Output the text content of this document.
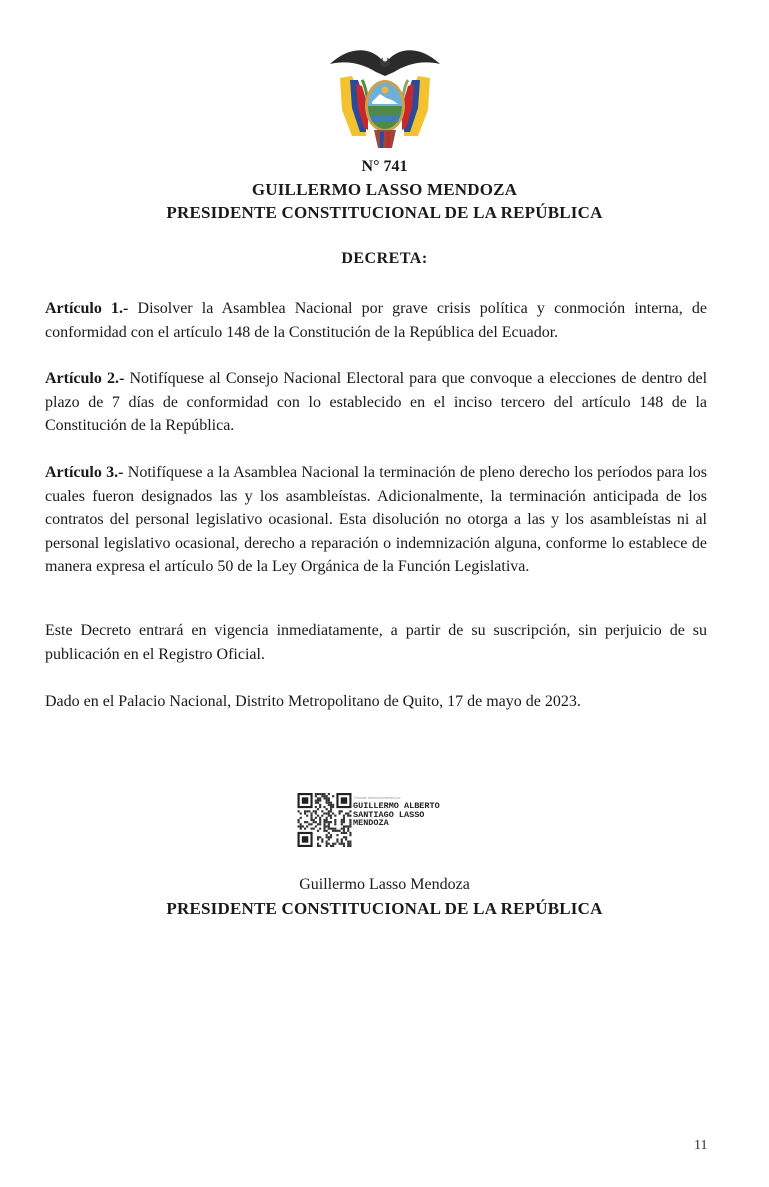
N° 741
GUILLERMO LASSO MENDOZA
PRESIDENTE CONSTITUCIONAL DE LA REPÚBLICA
DECRETA:
Artículo 1.- Disolver la Asamblea Nacional por grave crisis política y conmoción interna, de conformidad con el artículo 148 de la Constitución de la República del Ecuador.
Artículo 2.- Notifíquese al Consejo Nacional Electoral para que convoque a elecciones de dentro del plazo de 7 días de conformidad con lo establecido en el inciso tercero del artículo 148 de la Constitución de la República.
Artículo 3.- Notifíquese a la Asamblea Nacional la terminación de pleno derecho los períodos para los cuales fueron designados las y los asambleístas. Adicionalmente, la terminación anticipada de los contratos del personal legislativo ocasional. Esta disolución no otorga a las y los asambleístas ni al personal legislativo ocasional, derecho a reparación o indemnización alguna, conforme lo establece de manera expresa el artículo 50 de la Ley Orgánica de la Función Legislativa.
Este Decreto entrará en vigencia inmediatamente, a partir de su suscripción, sin perjuicio de su publicación en el Registro Oficial.
Dado en el Palacio Nacional, Distrito Metropolitano de Quito, 17 de mayo de 2023.
Firmado electrónicamente por:
GUILLERMO ALBERTO
SANTIAGO LASSO
MENDOZA
Guillermo Lasso Mendoza
PRESIDENTE CONSTITUCIONAL DE LA REPÚBLICA
11
